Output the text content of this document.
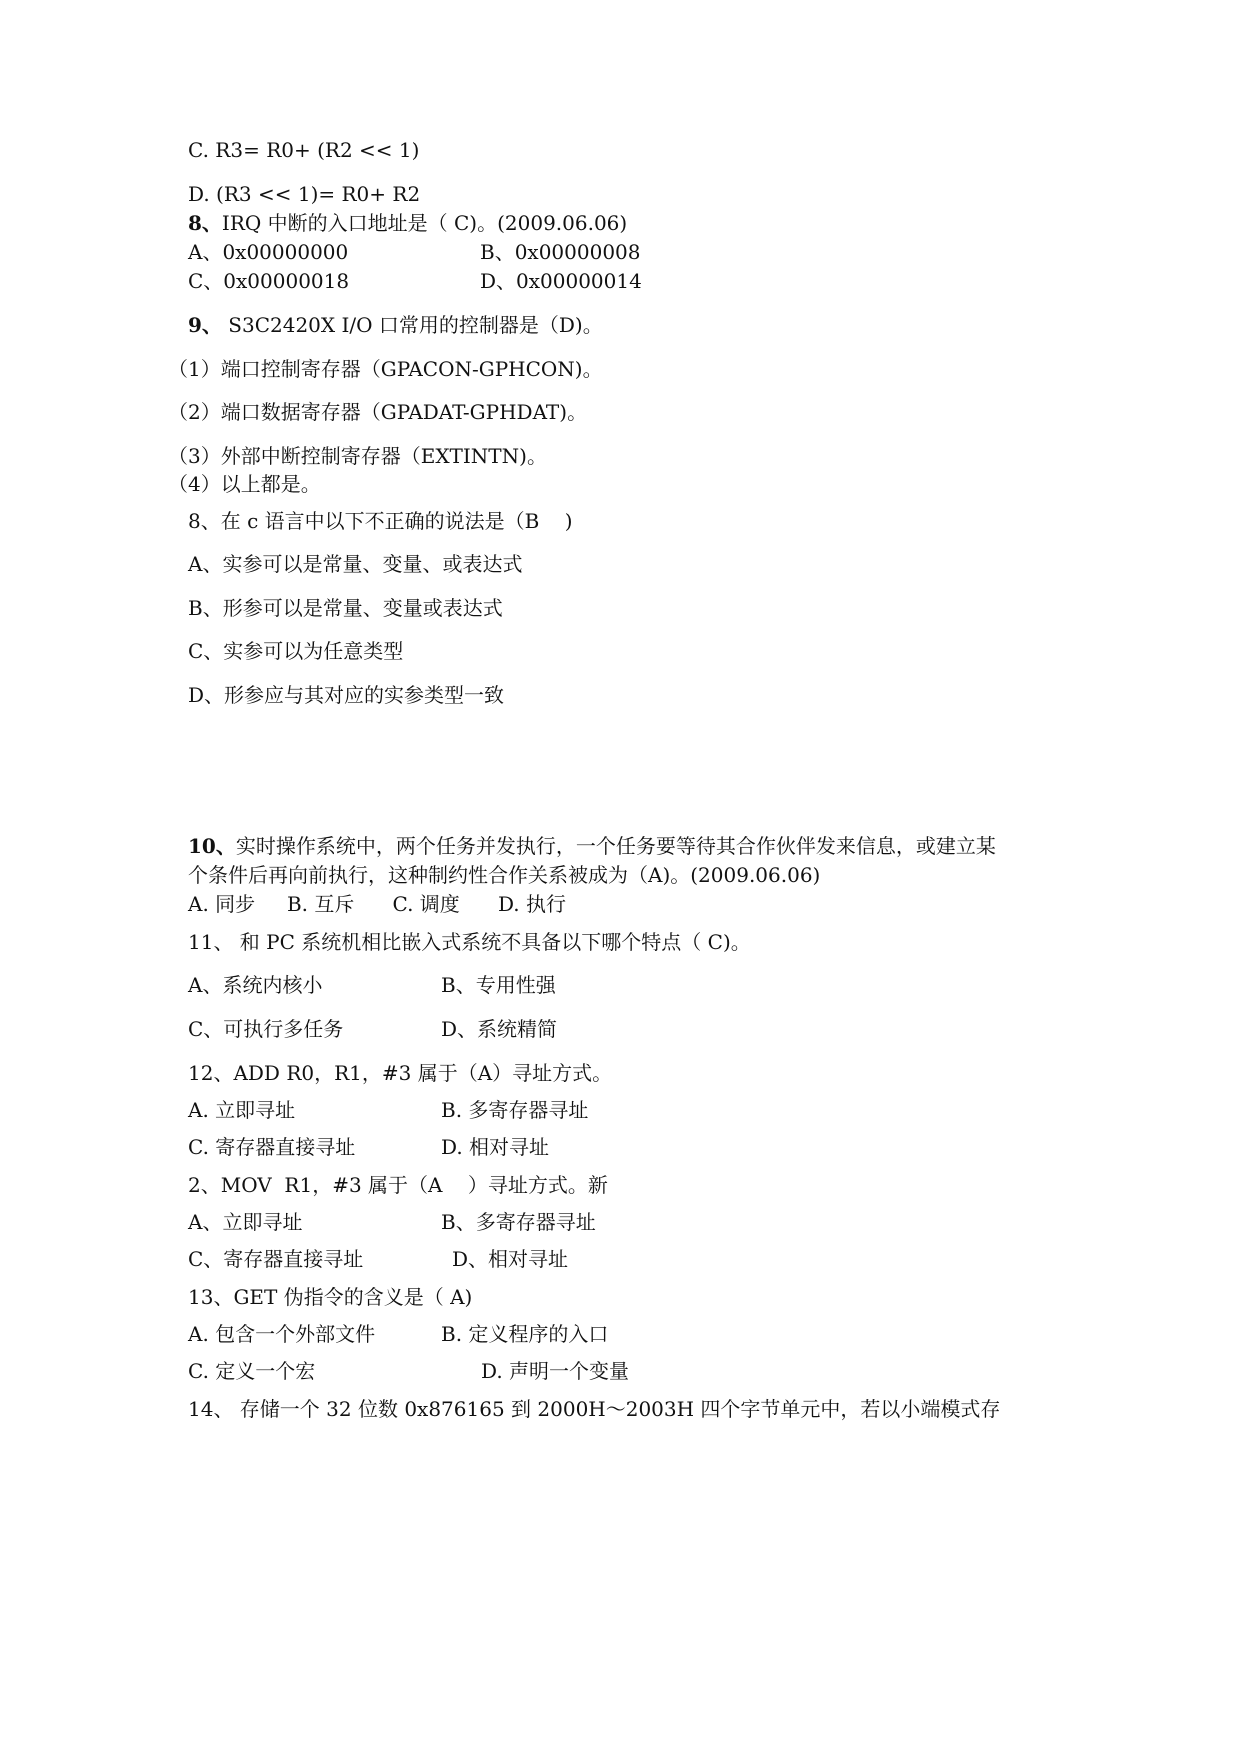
C. R3= R0+ (R2 << 1)
D. (R3 << 1)= R0+ R2
8、IRQ 中断的入口地址是（ C)。(2009.06.06)
A、0x00000000	B、0x00000008
C、0x00000018	D、0x00000014
9、 S3C2420X I/O 口常用的控制器是（D)。
（1）端口控制寄存器（GPACON-GPHCON)。
（2）端口数据寄存器（GPADAT-GPHDAT)。
（3）外部中断控制寄存器（EXTINTN)。
（4）以上都是。
8、在 c 语言中以下不正确的说法是（B    )
A、实参可以是常量、变量、或表达式
B、形参可以是常量、变量或表达式
C、实参可以为任意类型
D、形参应与其对应的实参类型一致
10、实时操作系统中，两个任务并发执行，一个任务要等待其合作伙伴发来信息，或建立某
个条件后再向前执行，这种制约性合作关系被成为（A)。(2009.06.06)
A. 同步     B. 互斥      C. 调度      D. 执行
11、 和 PC 系统机相比嵌入式系统不具备以下哪个特点（ C)。
A、系统内核小	B、专用性强
C、可执行多任务	D、系统精简
12、ADD R0，R1，#3 属于（A）寻址方式。
A. 立即寻址	B. 多寄存器寻址
C. 寄存器直接寻址	D. 相对寻址
2、MOV  R1，#3 属于（A    ）寻址方式。新
A、立即寻址	B、多寄存器寻址
C、寄存器直接寻址	D、相对寻址
13、GET 伪指令的含义是（ A)
A. 包含一个外部文件	B. 定义程序的入口
C. 定义一个宏	D. 声明一个变量
14、 存储一个 32 位数 0x876165 到 2000H～2003H 四个字节单元中，若以小端模式存
